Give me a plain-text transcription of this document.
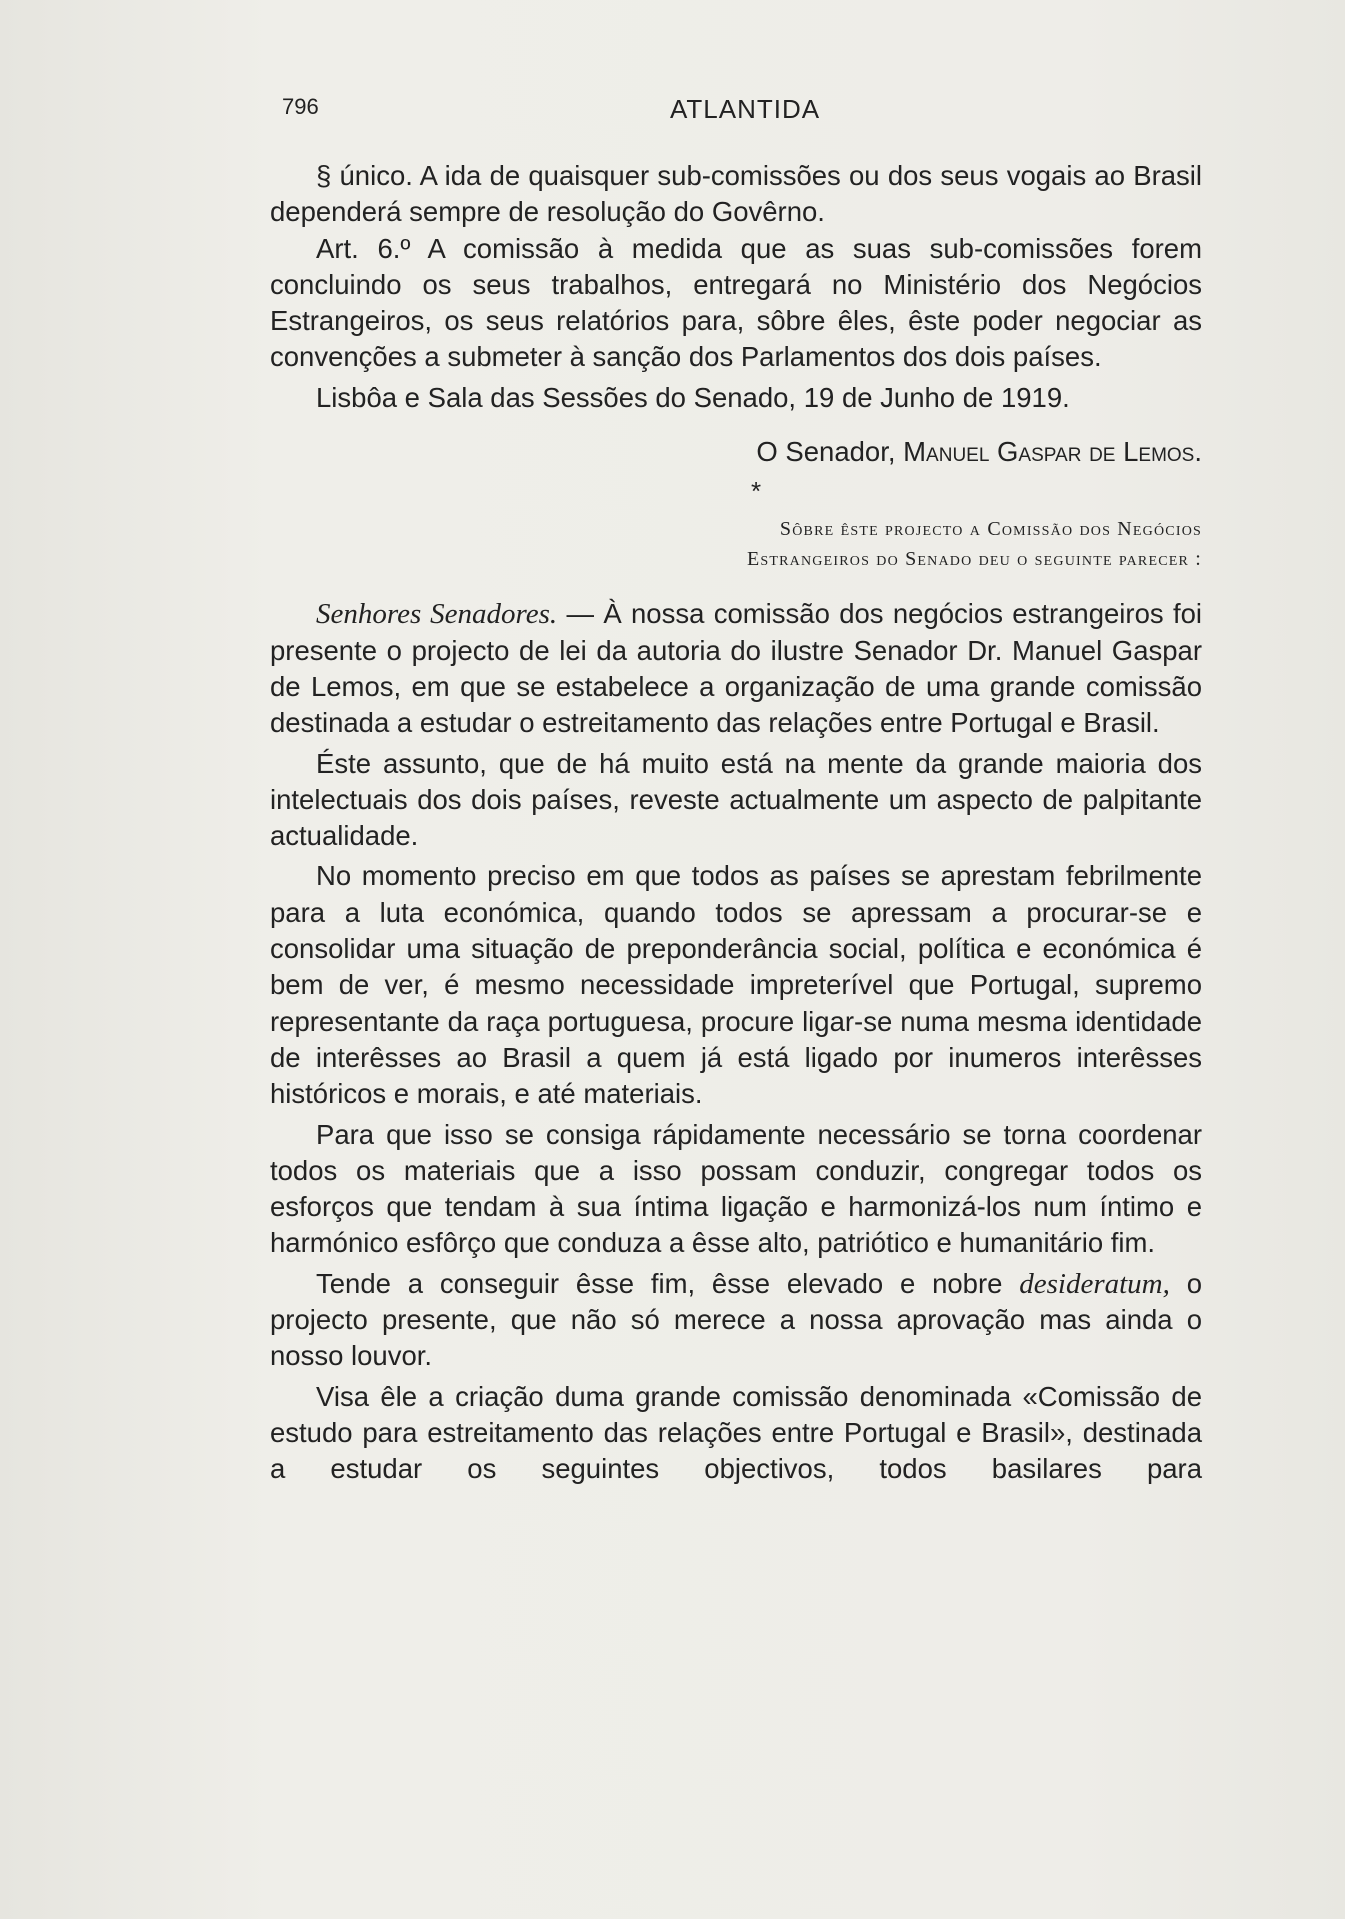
796	ATLANTIDA

§ único. A ida de quaisquer sub-comissões ou dos seus vogais ao Brasil dependerá sempre de resolução do Govêrno.

Art. 6.º A comissão à medida que as suas sub-comissões forem concluindo os seus trabalhos, entregará no Ministério dos Negócios Estrangeiros, os seus relatórios para, sôbre êles, êste poder negociar as convenções a submeter à sanção dos Parlamentos dos dois países.

Lisbôa e Sala das Sessões do Senado, 19 de Junho de 1919.

O Senador, Manuel Gaspar de Lemos.

*

Sôbre êste projecto a Comissão dos Negócios
Estrangeiros do Senado deu o seguinte parecer :

Senhores Senadores. — À nossa comissão dos negócios estrangeiros foi presente o projecto de lei da autoria do ilustre Senador Dr. Manuel Gaspar de Lemos, em que se estabelece a organização de uma grande comissão destinada a estudar o estreitamento das relações entre Portugal e Brasil.

Éste assunto, que de há muito está na mente da grande maioria dos intelectuais dos dois países, reveste actualmente um aspecto de palpitante actualidade.

No momento preciso em que todos as países se aprestam febrilmente para a luta económica, quando todos se apressam a procurar-se e consolidar uma situação de preponderância social, política e económica é bem de ver, é mesmo necessidade impreterível que Portugal, supremo representante da raça portuguesa, procure ligar-se numa mesma identidade de interêsses ao Brasil a quem já está ligado por inumeros interêsses históricos e morais, e até materiais.

Para que isso se consiga rápidamente necessário se torna coordenar todos os materiais que a isso possam conduzir, congregar todos os esforços que tendam à sua íntima ligação e harmonizá-los num íntimo e harmónico esfôrço que conduza a êsse alto, patriótico e humanitário fim.

Tende a conseguir êsse fim, êsse elevado e nobre desideratum, o projecto presente, que não só merece a nossa aprovação mas ainda o nosso louvor.

Visa êle a criação duma grande comissão denominada «Comissão de estudo para estreitamento das relações entre Portugal e Brasil», destinada a estudar os seguintes objectivos, todos basilares para
